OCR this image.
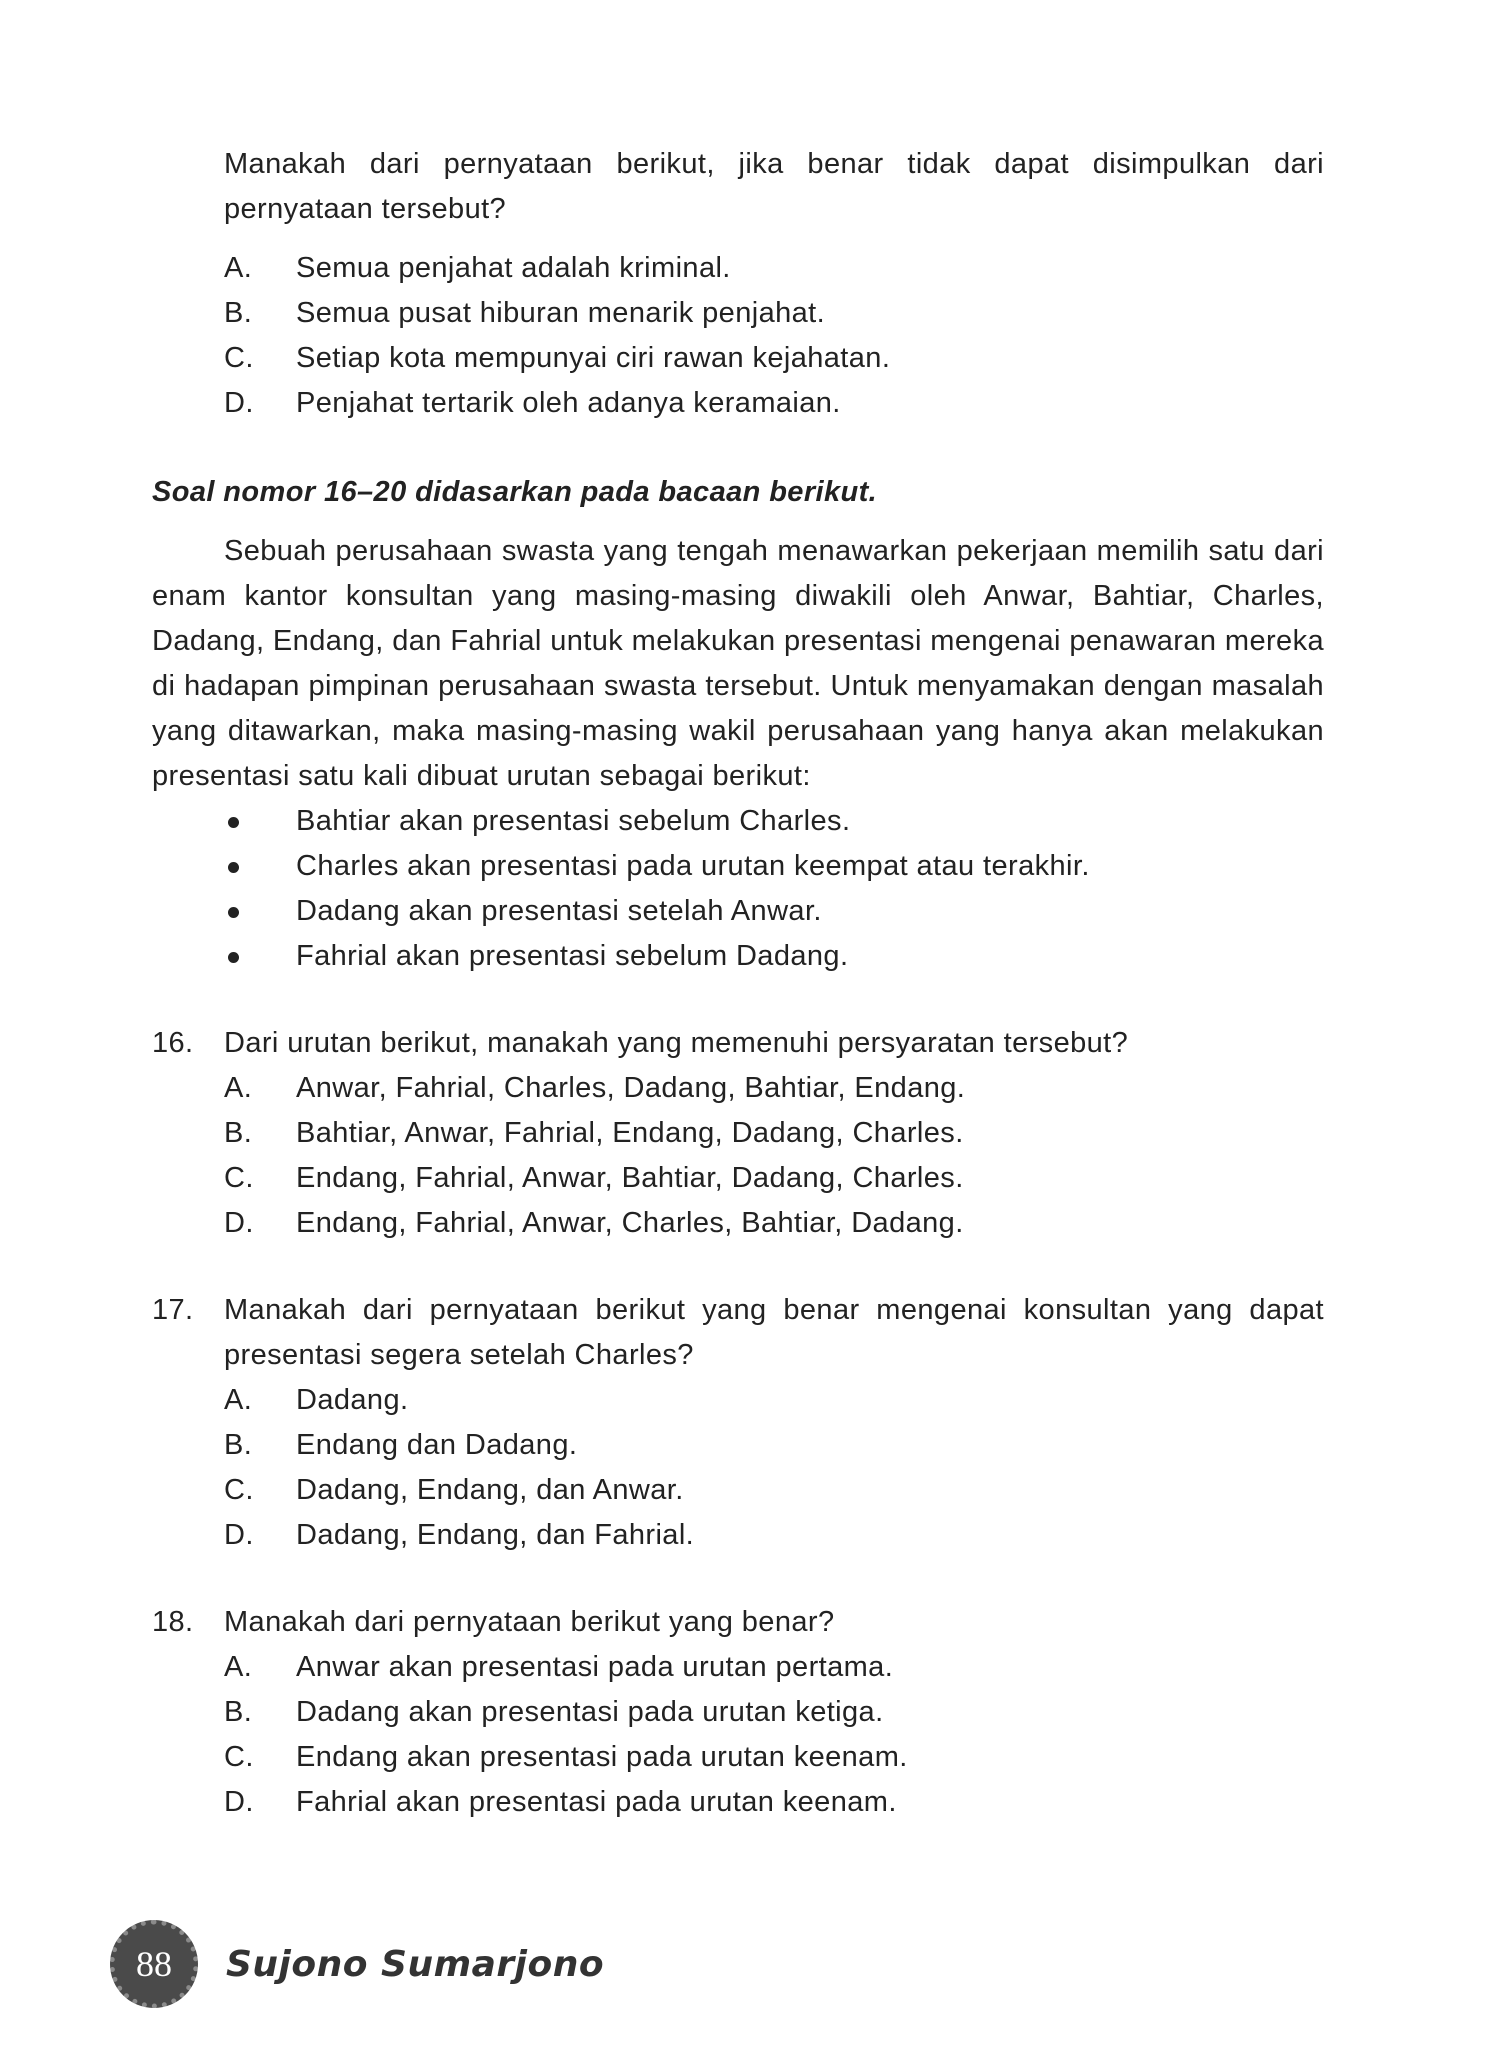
Manakah dari pernyataan berikut, jika benar tidak dapat disimpulkan dari pernyataan tersebut?
A.	Semua penjahat adalah kriminal.
B.	Semua pusat hiburan menarik penjahat.
C.	Setiap kota mempunyai ciri rawan kejahatan.
D.	Penjahat tertarik oleh adanya keramaian.
Soal nomor 16–20 didasarkan pada bacaan berikut.

Sebuah perusahaan swasta yang tengah menawarkan pekerjaan memilih satu dari enam kantor konsultan yang masing-masing diwakili oleh Anwar, Bahtiar, Charles, Dadang, Endang, dan Fahrial untuk melakukan presentasi mengenai penawaran mereka di hadapan pimpinan perusahaan swasta tersebut. Untuk menyamakan dengan masalah yang ditawarkan, maka masing-masing wakil perusahaan yang hanya akan melakukan presentasi satu kali dibuat urutan sebagai berikut:

Bahtiar akan presentasi sebelum Charles.
Charles akan presentasi pada urutan keempat atau terakhir.
Dadang akan presentasi setelah Anwar.
Fahrial akan presentasi sebelum Dadang.
16.	Dari urutan berikut, manakah yang memenuhi persyaratan tersebut?
A.	Anwar, Fahrial, Charles, Dadang, Bahtiar, Endang.
B.	Bahtiar, Anwar, Fahrial, Endang, Dadang, Charles.
C.	Endang, Fahrial, Anwar, Bahtiar, Dadang, Charles.
D.	Endang, Fahrial, Anwar, Charles, Bahtiar, Dadang.
17.	Manakah dari pernyataan berikut yang benar mengenai konsultan yang dapat presentasi segera setelah Charles?
A.	Dadang.
B.	Endang dan Dadang.
C.	Dadang, Endang, dan Anwar.
D.	Dadang, Endang, dan Fahrial.
18.	Manakah dari pernyataan berikut yang benar?
A.	Anwar akan presentasi pada urutan pertama.
B.	Dadang akan presentasi pada urutan ketiga.
C.	Endang akan presentasi pada urutan keenam.
D.	Fahrial akan presentasi pada urutan keenam.
88 Sujono Sumarjono
